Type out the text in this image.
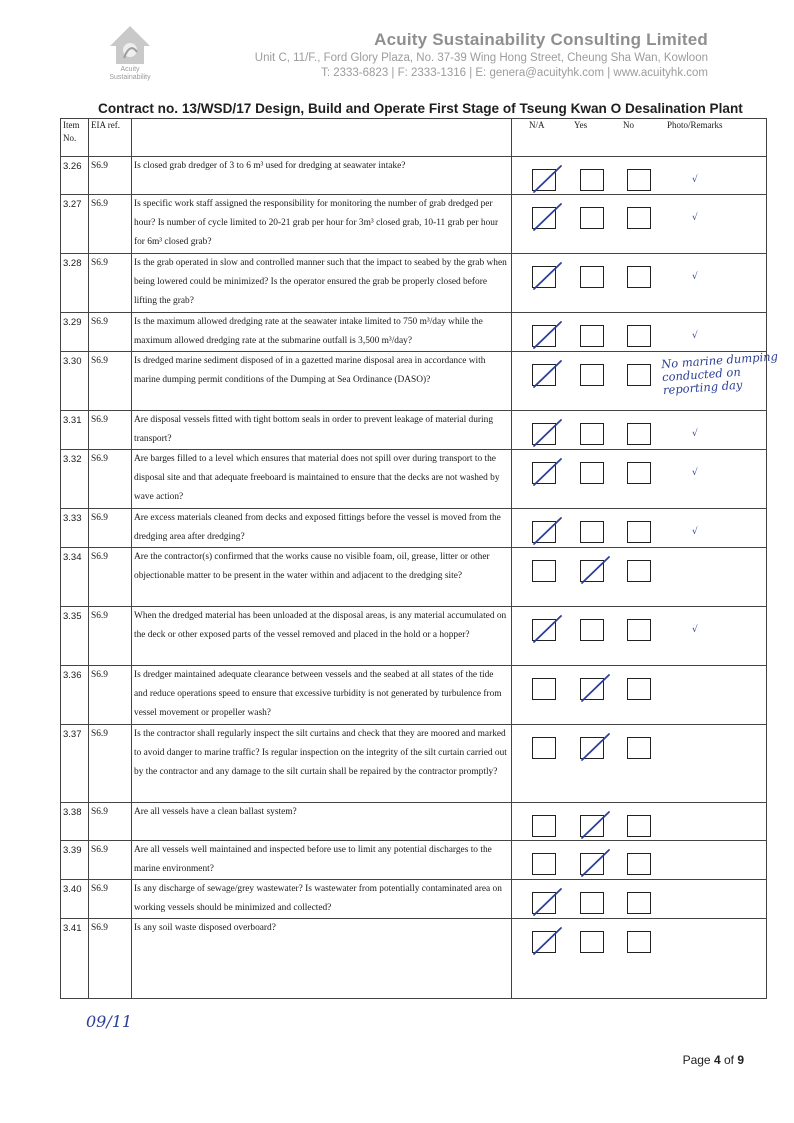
Acuity
Sustainability
Acuity Sustainability Consulting Limited
Unit C, 11/F., Ford Glory Plaza, No. 37-39 Wing Hong Street, Cheung Sha Wan, Kowloon
T: 2333-6823 | F: 2333-1316 | E: genera@acuityhk.com | www.acuityhk.com
Contract no. 13/WSD/17 Design, Build and Operate First Stage of Tseung Kwan O Desalination Plant
Item No.	EIA ref.		N/A Yes No Photo/Remarks

3.26	S6.9	Is closed grab dredger of 3 to 6 m³ used for dredging at seawater intake?	√

3.27	S6.9	Is specific work staff assigned the responsibility for monitoring the number of grab dredged per hour? Is number of cycle limited to 20-21 grab per hour for 3m³ closed grab, 10-11 grab per hour for 6m³ closed grab?	√

3.28	S6.9	Is the grab operated in slow and controlled manner such that the impact to seabed by the grab when being lowered could be minimized? Is the operator ensured the grab be properly closed before lifting the grab?	√

3.29	S6.9	Is the maximum allowed dredging rate at the seawater intake limited to 750 m³/day while the maximum allowed dredging rate at the submarine outfall is 3,500 m³/day?	√

3.30	S6.9	Is dredged marine sediment disposed of in a gazetted marine disposal area in accordance with marine dumping permit conditions of the Dumping at Sea Ordinance (DASO)?	No marine dumping conducted on reporting day

3.31	S6.9	Are disposal vessels fitted with tight bottom seals in order to prevent leakage of material during transport?	√

3.32	S6.9	Are barges filled to a level which ensures that material does not spill over during transport to the disposal site and that adequate freeboard is maintained to ensure that the decks are not washed by wave action?	√

3.33	S6.9	Are excess materials cleaned from decks and exposed fittings before the vessel is moved from the dredging area after dredging?	√

3.34	S6.9	Are the contractor(s) confirmed that the works cause no visible foam, oil, grease, litter or other objectionable matter to be present in the water within and adjacent to the dredging site?	

3.35	S6.9	When the dredged material has been unloaded at the disposal areas, is any material accumulated on the deck or other exposed parts of the vessel removed and placed in the hold or a hopper?	√

3.36	S6.9	Is dredger maintained adequate clearance between vessels and the seabed at all states of the tide and reduce operations speed to ensure that excessive turbidity is not generated by turbulence from vessel movement or propeller wash?	

3.37	S6.9	Is the contractor shall regularly inspect the silt curtains and check that they are moored and marked to avoid danger to marine traffic? Is regular inspection on the integrity of the silt curtain carried out by the contractor and any damage to the silt curtain shall be repaired by the contractor promptly?	

3.38	S6.9	Are all vessels have a clean ballast system?	

3.39	S6.9	Are all vessels well maintained and inspected before use to limit any potential discharges to the marine environment?	

3.40	S6.9	Is any discharge of sewage/grey wastewater? Is wastewater from potentially contaminated area on working vessels should be minimized and collected?	

3.41	S6.9	Is any soil waste disposed overboard?	
09/11
Page 4 of 9
